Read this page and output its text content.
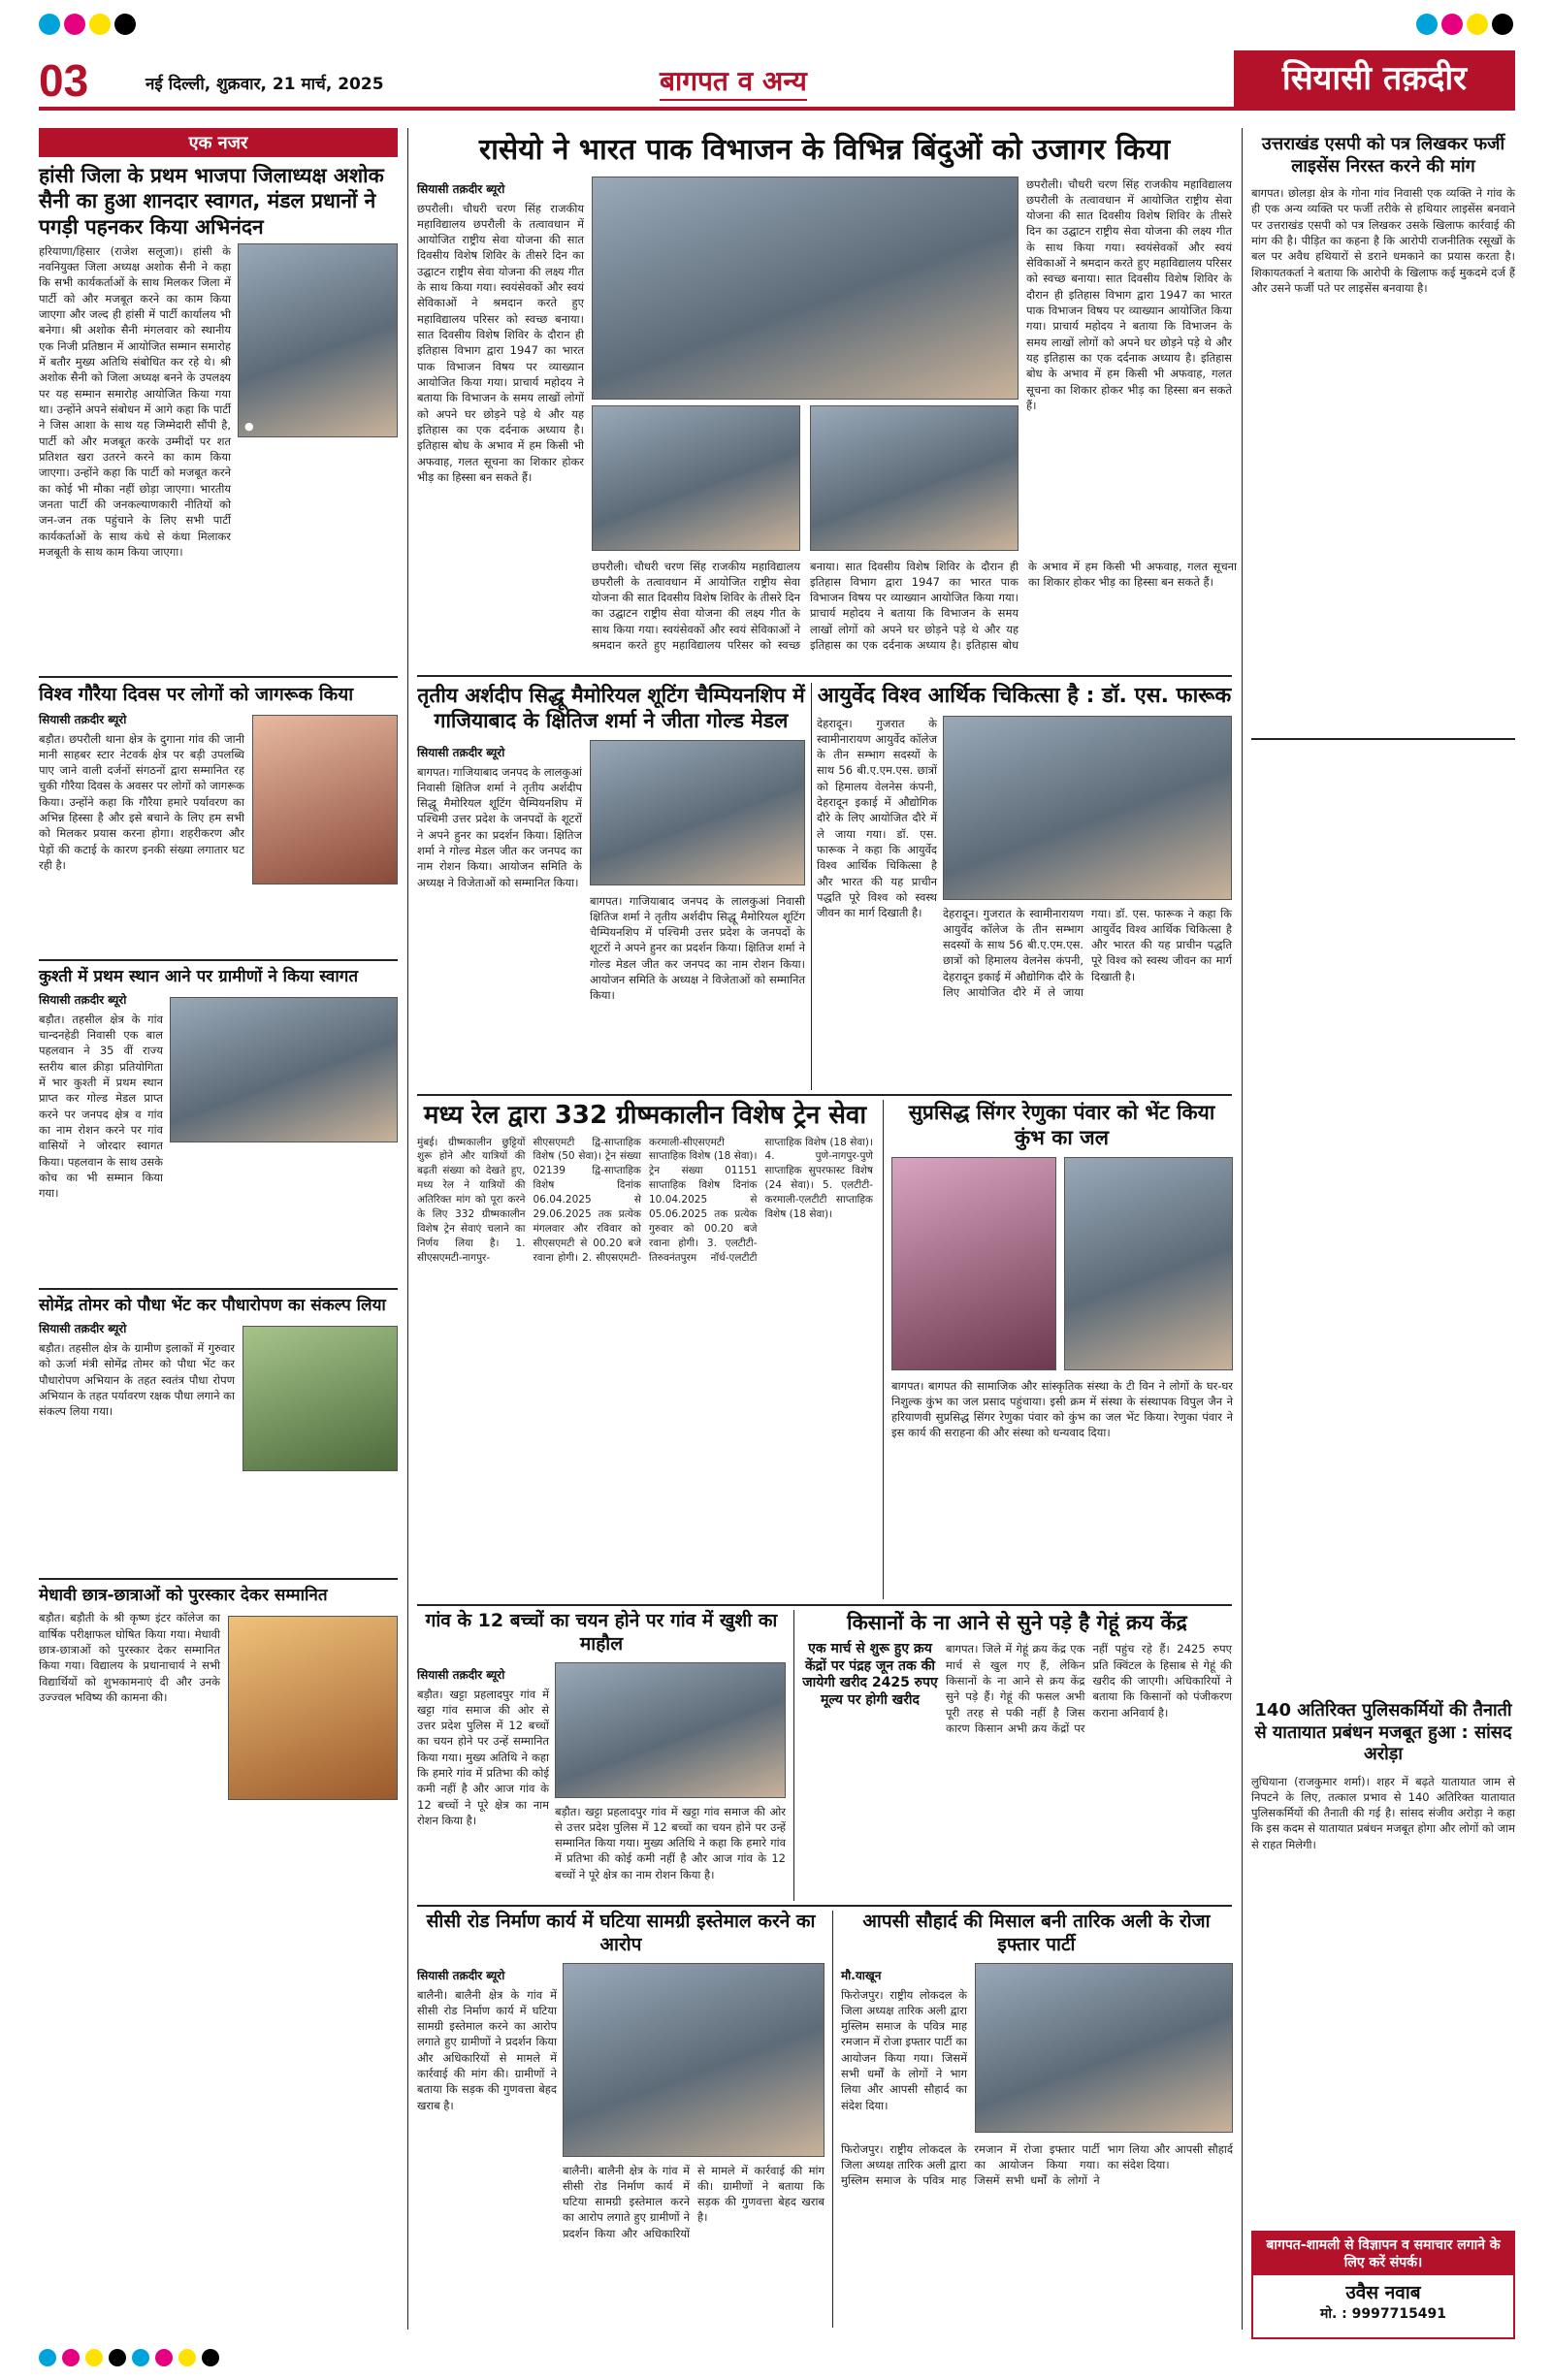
03	नई दिल्ली, शुक्रवार, 21 मार्च, 2025	बागपत व अन्य	सियासी तक़दीर
एक नजर
हांसी जिला के प्रथम भाजपा जिलाध्यक्ष अशोक सैनी का हुआ शानदार स्वागत, मंडल प्रधानों ने पगड़ी पहनकर किया अभिनंदन
●
हरियाणा/हिसार (राजेश सलूजा)। हांसी के नवनियुक्त जिला अध्यक्ष अशोक सैनी ने कहा कि सभी कार्यकर्ताओं के साथ मिलकर जिला में पार्टी को और मजबूत करने का काम किया जाएगा और जल्द ही हांसी में पार्टी कार्यालय भी बनेगा। श्री अशोक सैनी मंगलवार को स्थानीय एक निजी प्रतिष्ठान में आयोजित सम्मान समारोह में बतौर मुख्य अतिथि संबोधित कर रहे थे। श्री अशोक सैनी को जिला अध्यक्ष बनने के उपलक्ष्य पर यह सम्मान समारोह आयोजित किया गया था। उन्होंने अपने संबोधन में आगे कहा कि पार्टी ने जिस आशा के साथ यह जिम्मेदारी सौंपी है, पार्टी को और मजबूत करके उम्मीदों पर शत प्रतिशत खरा उतरने करने का काम किया जाएगा। उन्होंने कहा कि पार्टी को मजबूत करने का कोई भी मौका नहीं छोड़ा जाएगा। भारतीय जनता पार्टी की जनकल्याणकारी नीतियों को जन-जन तक पहुंचाने के लिए सभी पार्टी कार्यकर्ताओं के साथ कंधे से कंधा मिलाकर मजबूती के साथ काम किया जाएगा।
विश्व गौरैया दिवस पर लोगों को जागरूक किया
सियासी तक़दीर ब्यूरो
बड़ौत। छपरौली थाना क्षेत्र के दुगाना गांव की जानी मानी साहबर स्टार नेटवर्क क्षेत्र पर बड़ी उपलब्धि पाए जाने वाली दर्जनों संगठनों द्वारा सम्मानित रह चुकी गौरैया दिवस के अवसर पर लोगों को जागरूक किया। उन्होंने कहा कि गौरैया हमारे पर्यावरण का अभिन्न हिस्सा है और इसे बचाने के लिए हम सभी को मिलकर प्रयास करना होगा। शहरीकरण और पेड़ों की कटाई के कारण इनकी संख्या लगातार घट रही है।
कुश्ती में प्रथम स्थान आने पर ग्रामीणों ने किया स्वागत
सियासी तक़दीर ब्यूरो
बड़ौत। तहसील क्षेत्र के गांव चान्दनहेडी निवासी एक बाल पहलवान ने 35 वीं राज्य स्तरीय बाल क्रीड़ा प्रतियोगिता में भार कुश्ती में प्रथम स्थान प्राप्त कर गोल्ड मेडल प्राप्त करने पर जनपद क्षेत्र व गांव का नाम रोशन करने पर गांव वासियों ने जोरदार स्वागत किया। पहलवान के साथ उसके कोच का भी सम्मान किया गया।
सोमेंद्र तोमर को पौधा भेंट कर पौधारोपण का संकल्प लिया
सियासी तक़दीर ब्यूरो
बड़ौत। तहसील क्षेत्र के ग्रामीण इलाकों में गुरुवार को ऊर्जा मंत्री सोमेंद्र तोमर को पौधा भेंट कर पौधारोपण अभियान के तहत स्वतंत्र पौधा रोपण अभियान के तहत पर्यावरण रक्षक पौधा लगाने का संकल्प लिया गया।
मेधावी छात्र-छात्राओं को पुरस्कार देकर सम्मानित
बड़ौत। बड़ौती के श्री कृष्ण इंटर कॉलेज का वार्षिक परीक्षाफल घोषित किया गया। मेधावी छात्र-छात्राओं को पुरस्कार देकर सम्मानित किया गया। विद्यालय के प्रधानाचार्य ने सभी विद्यार्थियों को शुभकामनाएं दी और उनके उज्ज्वल भविष्य की कामना की।
रासेयो ने भारत पाक विभाजन के विभिन्न बिंदुओं को उजागर किया
सियासी तक़दीर ब्यूरो
छपरौली। चौधरी चरण सिंह राजकीय महाविद्यालय छपरौली के तत्वावधान में आयोजित राष्ट्रीय सेवा योजना की सात दिवसीय विशेष शिविर के तीसरे दिन का उद्घाटन राष्ट्रीय सेवा योजना की लक्ष्य गीत के साथ किया गया। स्वयंसेवकों और स्वयं सेविकाओं ने श्रमदान करते हुए महाविद्यालय परिसर को स्वच्छ बनाया। सात दिवसीय विशेष शिविर के दौरान ही इतिहास विभाग द्वारा 1947 का भारत पाक विभाजन विषय पर व्याख्यान आयोजित किया गया। प्राचार्य महोदय ने बताया कि विभाजन के समय लाखों लोगों को अपने घर छोड़ने पड़े थे और यह इतिहास का एक दर्दनाक अध्याय है। इतिहास बोध के अभाव में हम किसी भी अफवाह, गलत सूचना का शिकार होकर भीड़ का हिस्सा बन सकते हैं।
छपरौली। चौधरी चरण सिंह राजकीय महाविद्यालय छपरौली के तत्वावधान में आयोजित राष्ट्रीय सेवा योजना की सात दिवसीय विशेष शिविर के तीसरे दिन का उद्घाटन राष्ट्रीय सेवा योजना की लक्ष्य गीत के साथ किया गया। स्वयंसेवकों और स्वयं सेविकाओं ने श्रमदान करते हुए महाविद्यालय परिसर को स्वच्छ बनाया। सात दिवसीय विशेष शिविर के दौरान ही इतिहास विभाग द्वारा 1947 का भारत पाक विभाजन विषय पर व्याख्यान आयोजित किया गया। प्राचार्य महोदय ने बताया कि विभाजन के समय लाखों लोगों को अपने घर छोड़ने पड़े थे और यह इतिहास का एक दर्दनाक अध्याय है। इतिहास बोध के अभाव में हम किसी भी अफवाह, गलत सूचना का शिकार होकर भीड़ का हिस्सा बन सकते हैं।
छपरौली। चौधरी चरण सिंह राजकीय महाविद्यालय छपरौली के तत्वावधान में आयोजित राष्ट्रीय सेवा योजना की सात दिवसीय विशेष शिविर के तीसरे दिन का उद्घाटन राष्ट्रीय सेवा योजना की लक्ष्य गीत के साथ किया गया। स्वयंसेवकों और स्वयं सेविकाओं ने श्रमदान करते हुए महाविद्यालय परिसर को स्वच्छ बनाया। सात दिवसीय विशेष शिविर के दौरान ही इतिहास विभाग द्वारा 1947 का भारत पाक विभाजन विषय पर व्याख्यान आयोजित किया गया। प्राचार्य महोदय ने बताया कि विभाजन के समय लाखों लोगों को अपने घर छोड़ने पड़े थे और यह इतिहास का एक दर्दनाक अध्याय है। इतिहास बोध के अभाव में हम किसी भी अफवाह, गलत सूचना का शिकार होकर भीड़ का हिस्सा बन सकते हैं।
तृतीय अर्शदीप सिद्धू मैमोरियल शूटिंग चैम्पियनशिप में गाजियाबाद के क्षितिज शर्मा ने जीता गोल्ड मेडल
सियासी तक़दीर ब्यूरो
बागपत। गाजियाबाद जनपद के लालकुआं निवासी क्षितिज शर्मा ने तृतीय अर्शदीप सिद्धू मैमोरियल शूटिंग चैम्पियनशिप में पश्चिमी उत्तर प्रदेश के जनपदों के शूटरों ने अपने हुनर का प्रदर्शन किया। क्षितिज शर्मा ने गोल्ड मेडल जीत कर जनपद का नाम रोशन किया। आयोजन समिति के अध्यक्ष ने विजेताओं को सम्मानित किया।
बागपत। गाजियाबाद जनपद के लालकुआं निवासी क्षितिज शर्मा ने तृतीय अर्शदीप सिद्धू मैमोरियल शूटिंग चैम्पियनशिप में पश्चिमी उत्तर प्रदेश के जनपदों के शूटरों ने अपने हुनर का प्रदर्शन किया। क्षितिज शर्मा ने गोल्ड मेडल जीत कर जनपद का नाम रोशन किया। आयोजन समिति के अध्यक्ष ने विजेताओं को सम्मानित किया।
आयुर्वेद विश्व आर्थिक चिकित्सा है : डॉ. एस. फारूक
देहरादून। गुजरात के स्वामीनारायण आयुर्वेद कॉलेज के तीन सम्भाग सदस्यों के साथ 56 बी.ए.एम.एस. छात्रों को हिमालय वेलनेस कंपनी, देहरादून इकाई में औद्योगिक दौरे के लिए आयोजित दौरे में ले जाया गया। डॉ. एस. फारूक ने कहा कि आयुर्वेद विश्व आर्थिक चिकित्सा है और भारत की यह प्राचीन पद्धति पूरे विश्व को स्वस्थ जीवन का मार्ग दिखाती है।	देहरादून। गुजरात के स्वामीनारायण आयुर्वेद कॉलेज के तीन सम्भाग सदस्यों के साथ 56 बी.ए.एम.एस. छात्रों को हिमालय वेलनेस कंपनी, देहरादून इकाई में औद्योगिक दौरे के लिए आयोजित दौरे में ले जाया गया। डॉ. एस. फारूक ने कहा कि आयुर्वेद विश्व आर्थिक चिकित्सा है और भारत की यह प्राचीन पद्धति पूरे विश्व को स्वस्थ जीवन का मार्ग दिखाती है।
मध्य रेल द्वारा 332 ग्रीष्मकालीन विशेष ट्रेन सेवा
मुंबई। ग्रीष्मकालीन छुट्टियों शुरू होने और यात्रियों की बढ़ती संख्या को देखते हुए, मध्य रेल ने यात्रियों की अतिरिक्त मांग को पूरा करने के लिए 332 ग्रीष्मकालीन विशेष ट्रेन सेवाएं चलाने का निर्णय लिया है। 1. सीएसएमटी-नागपुर-सीएसएमटी द्वि-साप्ताहिक विशेष (50 सेवा)। ट्रेन संख्या 02139 द्वि-साप्ताहिक विशेष दिनांक 06.04.2025 से 29.06.2025 तक प्रत्येक मंगलवार और रविवार को सीएसएमटी से 00.20 बजे रवाना होगी। 2. सीएसएमटी-करमाली-सीएसएमटी साप्ताहिक विशेष (18 सेवा)। ट्रेन संख्या 01151 साप्ताहिक विशेष दिनांक 10.04.2025 से 05.06.2025 तक प्रत्येक गुरुवार को 00.20 बजे रवाना होगी। 3. एलटीटी-तिरुवनंतपुरम नॉर्थ-एलटीटी साप्ताहिक विशेष (18 सेवा)। 4. पुणे-नागपुर-पुणे साप्ताहिक सुपरफास्ट विशेष (24 सेवा)। 5. एलटीटी-करमाली-एलटीटी साप्ताहिक विशेष (18 सेवा)।
सुप्रसिद्ध सिंगर रेणुका पंवार को भेंट किया कुंभ का जल
बागपत। बागपत की सामाजिक और सांस्कृतिक संस्था के टी विन ने लोगों के घर-घर निशुल्क कुंभ का जल प्रसाद पहुंचाया। इसी क्रम में संस्था के संस्थापक विपुल जैन ने हरियाणवी सुप्रसिद्ध सिंगर रेणुका पंवार को कुंभ का जल भेंट किया। रेणुका पंवार ने इस कार्य की सराहना की और संस्था को धन्यवाद दिया।
गांव के 12 बच्चों का चयन होने पर गांव में खुशी का माहौल
सियासी तक़दीर ब्यूरो
बड़ौत। खट्टा प्रहलादपुर गांव में खट्टा गांव समाज की ओर से उत्तर प्रदेश पुलिस में 12 बच्चों का चयन होने पर उन्हें सम्मानित किया गया। मुख्य अतिथि ने कहा कि हमारे गांव में प्रतिभा की कोई कमी नहीं है और आज गांव के 12 बच्चों ने पूरे क्षेत्र का नाम रोशन किया है।
बड़ौत। खट्टा प्रहलादपुर गांव में खट्टा गांव समाज की ओर से उत्तर प्रदेश पुलिस में 12 बच्चों का चयन होने पर उन्हें सम्मानित किया गया। मुख्य अतिथि ने कहा कि हमारे गांव में प्रतिभा की कोई कमी नहीं है और आज गांव के 12 बच्चों ने पूरे क्षेत्र का नाम रोशन किया है।
किसानों के ना आने से सुने पड़े है गेहूं क्रय केंद्र
एक मार्च से शुरू हुए क्रय केंद्रों पर पंद्रह जून तक की जायेगी खरीद 2425 रुपए मूल्य पर होगी खरीद
बागपत। जिले में गेहूं क्रय केंद्र एक मार्च से खुल गए हैं, लेकिन किसानों के ना आने से क्रय केंद्र सुने पड़े हैं। गेहूं की फसल अभी पूरी तरह से पकी नहीं है जिस कारण किसान अभी क्रय केंद्रों पर नहीं पहुंच रहे हैं। 2425 रुपए प्रति क्विंटल के हिसाब से गेहूं की खरीद की जाएगी। अधिकारियों ने बताया कि किसानों को पंजीकरण कराना अनिवार्य है।
सीसी रोड निर्माण कार्य में घटिया सामग्री इस्तेमाल करने का आरोप
सियासी तक़दीर ब्यूरो
बालैनी। बालैनी क्षेत्र के गांव में सीसी रोड निर्माण कार्य में घटिया सामग्री इस्तेमाल करने का आरोप लगाते हुए ग्रामीणों ने प्रदर्शन किया और अधिकारियों से मामले में कार्रवाई की मांग की। ग्रामीणों ने बताया कि सड़क की गुणवत्ता बेहद खराब है।
बालैनी। बालैनी क्षेत्र के गांव में सीसी रोड निर्माण कार्य में घटिया सामग्री इस्तेमाल करने का आरोप लगाते हुए ग्रामीणों ने प्रदर्शन किया और अधिकारियों से मामले में कार्रवाई की मांग की। ग्रामीणों ने बताया कि सड़क की गुणवत्ता बेहद खराब है।
आपसी सौहार्द की मिसाल बनी तारिक अली के रोजा इफ्तार पार्टी
मौ.याखून
फिरोजपुर। राष्ट्रीय लोकदल के जिला अध्यक्ष तारिक अली द्वारा मुस्लिम समाज के पवित्र माह रमजान में रोजा इफ्तार पार्टी का आयोजन किया गया। जिसमें सभी धर्मों के लोगों ने भाग लिया और आपसी सौहार्द का संदेश दिया।
फिरोजपुर। राष्ट्रीय लोकदल के जिला अध्यक्ष तारिक अली द्वारा मुस्लिम समाज के पवित्र माह रमजान में रोजा इफ्तार पार्टी का आयोजन किया गया। जिसमें सभी धर्मों के लोगों ने भाग लिया और आपसी सौहार्द का संदेश दिया।
उत्तराखंड एसपी को पत्र लिखकर फर्जी लाइसेंस निरस्त करने की मांग
बागपत। छोलड़ा क्षेत्र के गोना गांव निवासी एक व्यक्ति ने गांव के ही एक अन्य व्यक्ति पर फर्जी तरीके से हथियार लाइसेंस बनवाने पर उत्तराखंड एसपी को पत्र लिखकर उसके खिलाफ कार्रवाई की मांग की है। पीड़ित का कहना है कि आरोपी राजनीतिक रसूखों के बल पर अवैध हथियारों से डराने धमकाने का प्रयास करता है। शिकायतकर्ता ने बताया कि आरोपी के खिलाफ कई मुकदमे दर्ज हैं और उसने फर्जी पते पर लाइसेंस बनवाया है।
140 अतिरिक्त पुलिसकर्मियों की तैनाती से यातायात प्रबंधन मजबूत हुआ : सांसद अरोड़ा
लुधियाना (राजकुमार शर्मा)। शहर में बढ़ते यातायात जाम से निपटने के लिए, तत्काल प्रभाव से 140 अतिरिक्त यातायात पुलिसकर्मियों की तैनाती की गई है। सांसद संजीव अरोड़ा ने कहा कि इस कदम से यातायात प्रबंधन मजबूत होगा और लोगों को जाम से राहत मिलेगी।
बागपत-शामली से विज्ञापन व समाचार लगाने के लिए करें संपर्क।
उवैस नवाब
मो. : 9997715491
